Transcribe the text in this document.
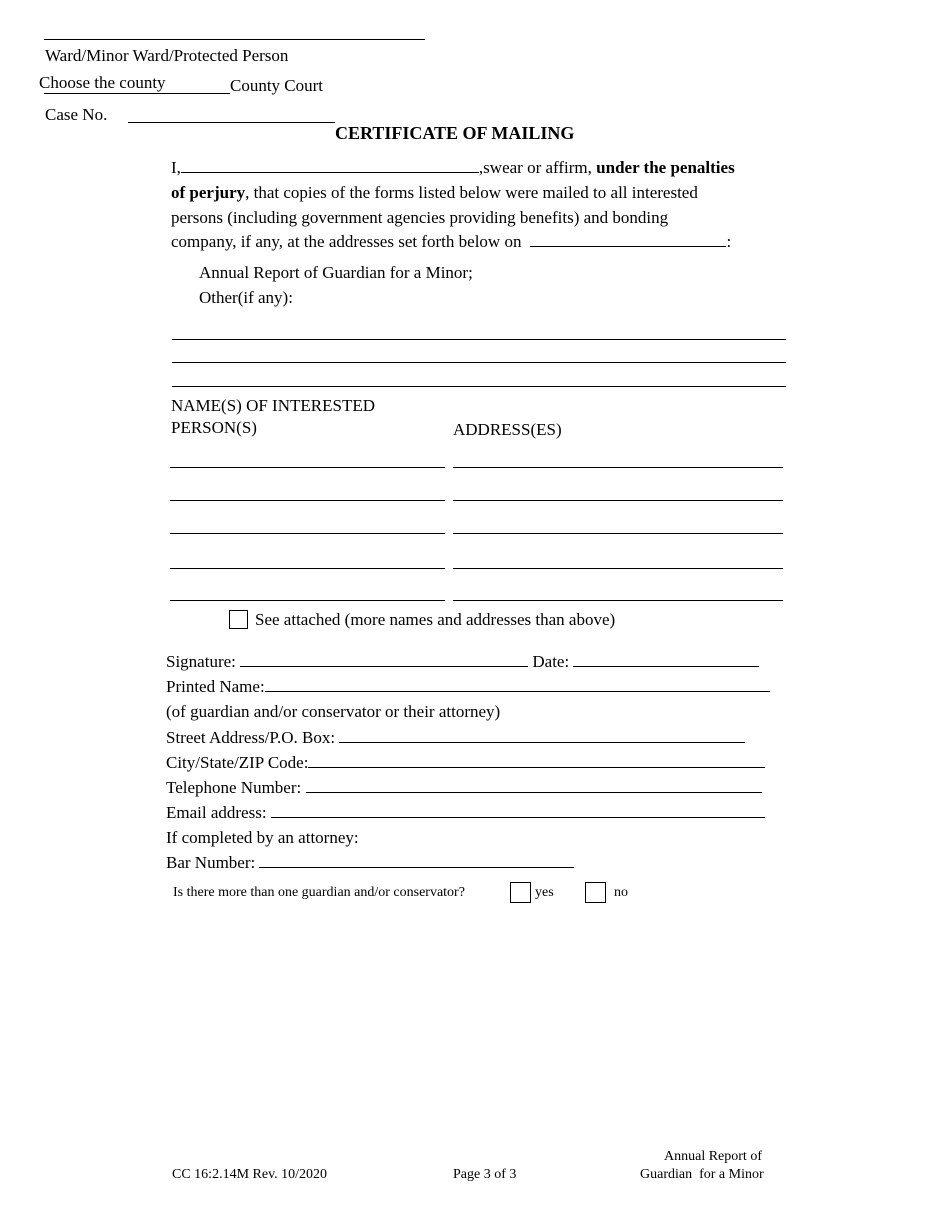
Ward/Minor Ward/Protected Person
Choose the county	County Court
Case No.
CERTIFICATE OF MAILING
I,	,swear or affirm, under the penalties
of perjury, that copies of the forms listed below were mailed to all interested
persons (including government agencies providing benefits) and bonding
company, if any, at the addresses set forth below on	:
Annual Report of Guardian for a Minor;
Other(if any):
NAME(S) OF INTERESTED
PERSON(S)	ADDRESS(ES)
See attached (more names and addresses than above)
Signature:	Date:
Printed Name:
(of guardian and/or conservator or their attorney)
Street Address/P.O. Box:
City/State/ZIP Code:
Telephone Number:
Email address:
If completed by an attorney:
Bar Number:
Is there more than one guardian and/or conservator?	yes	no
CC 16:2.14M Rev. 10/2020	Page 3 of 3
Annual Report of
Guardian  for a Minor
